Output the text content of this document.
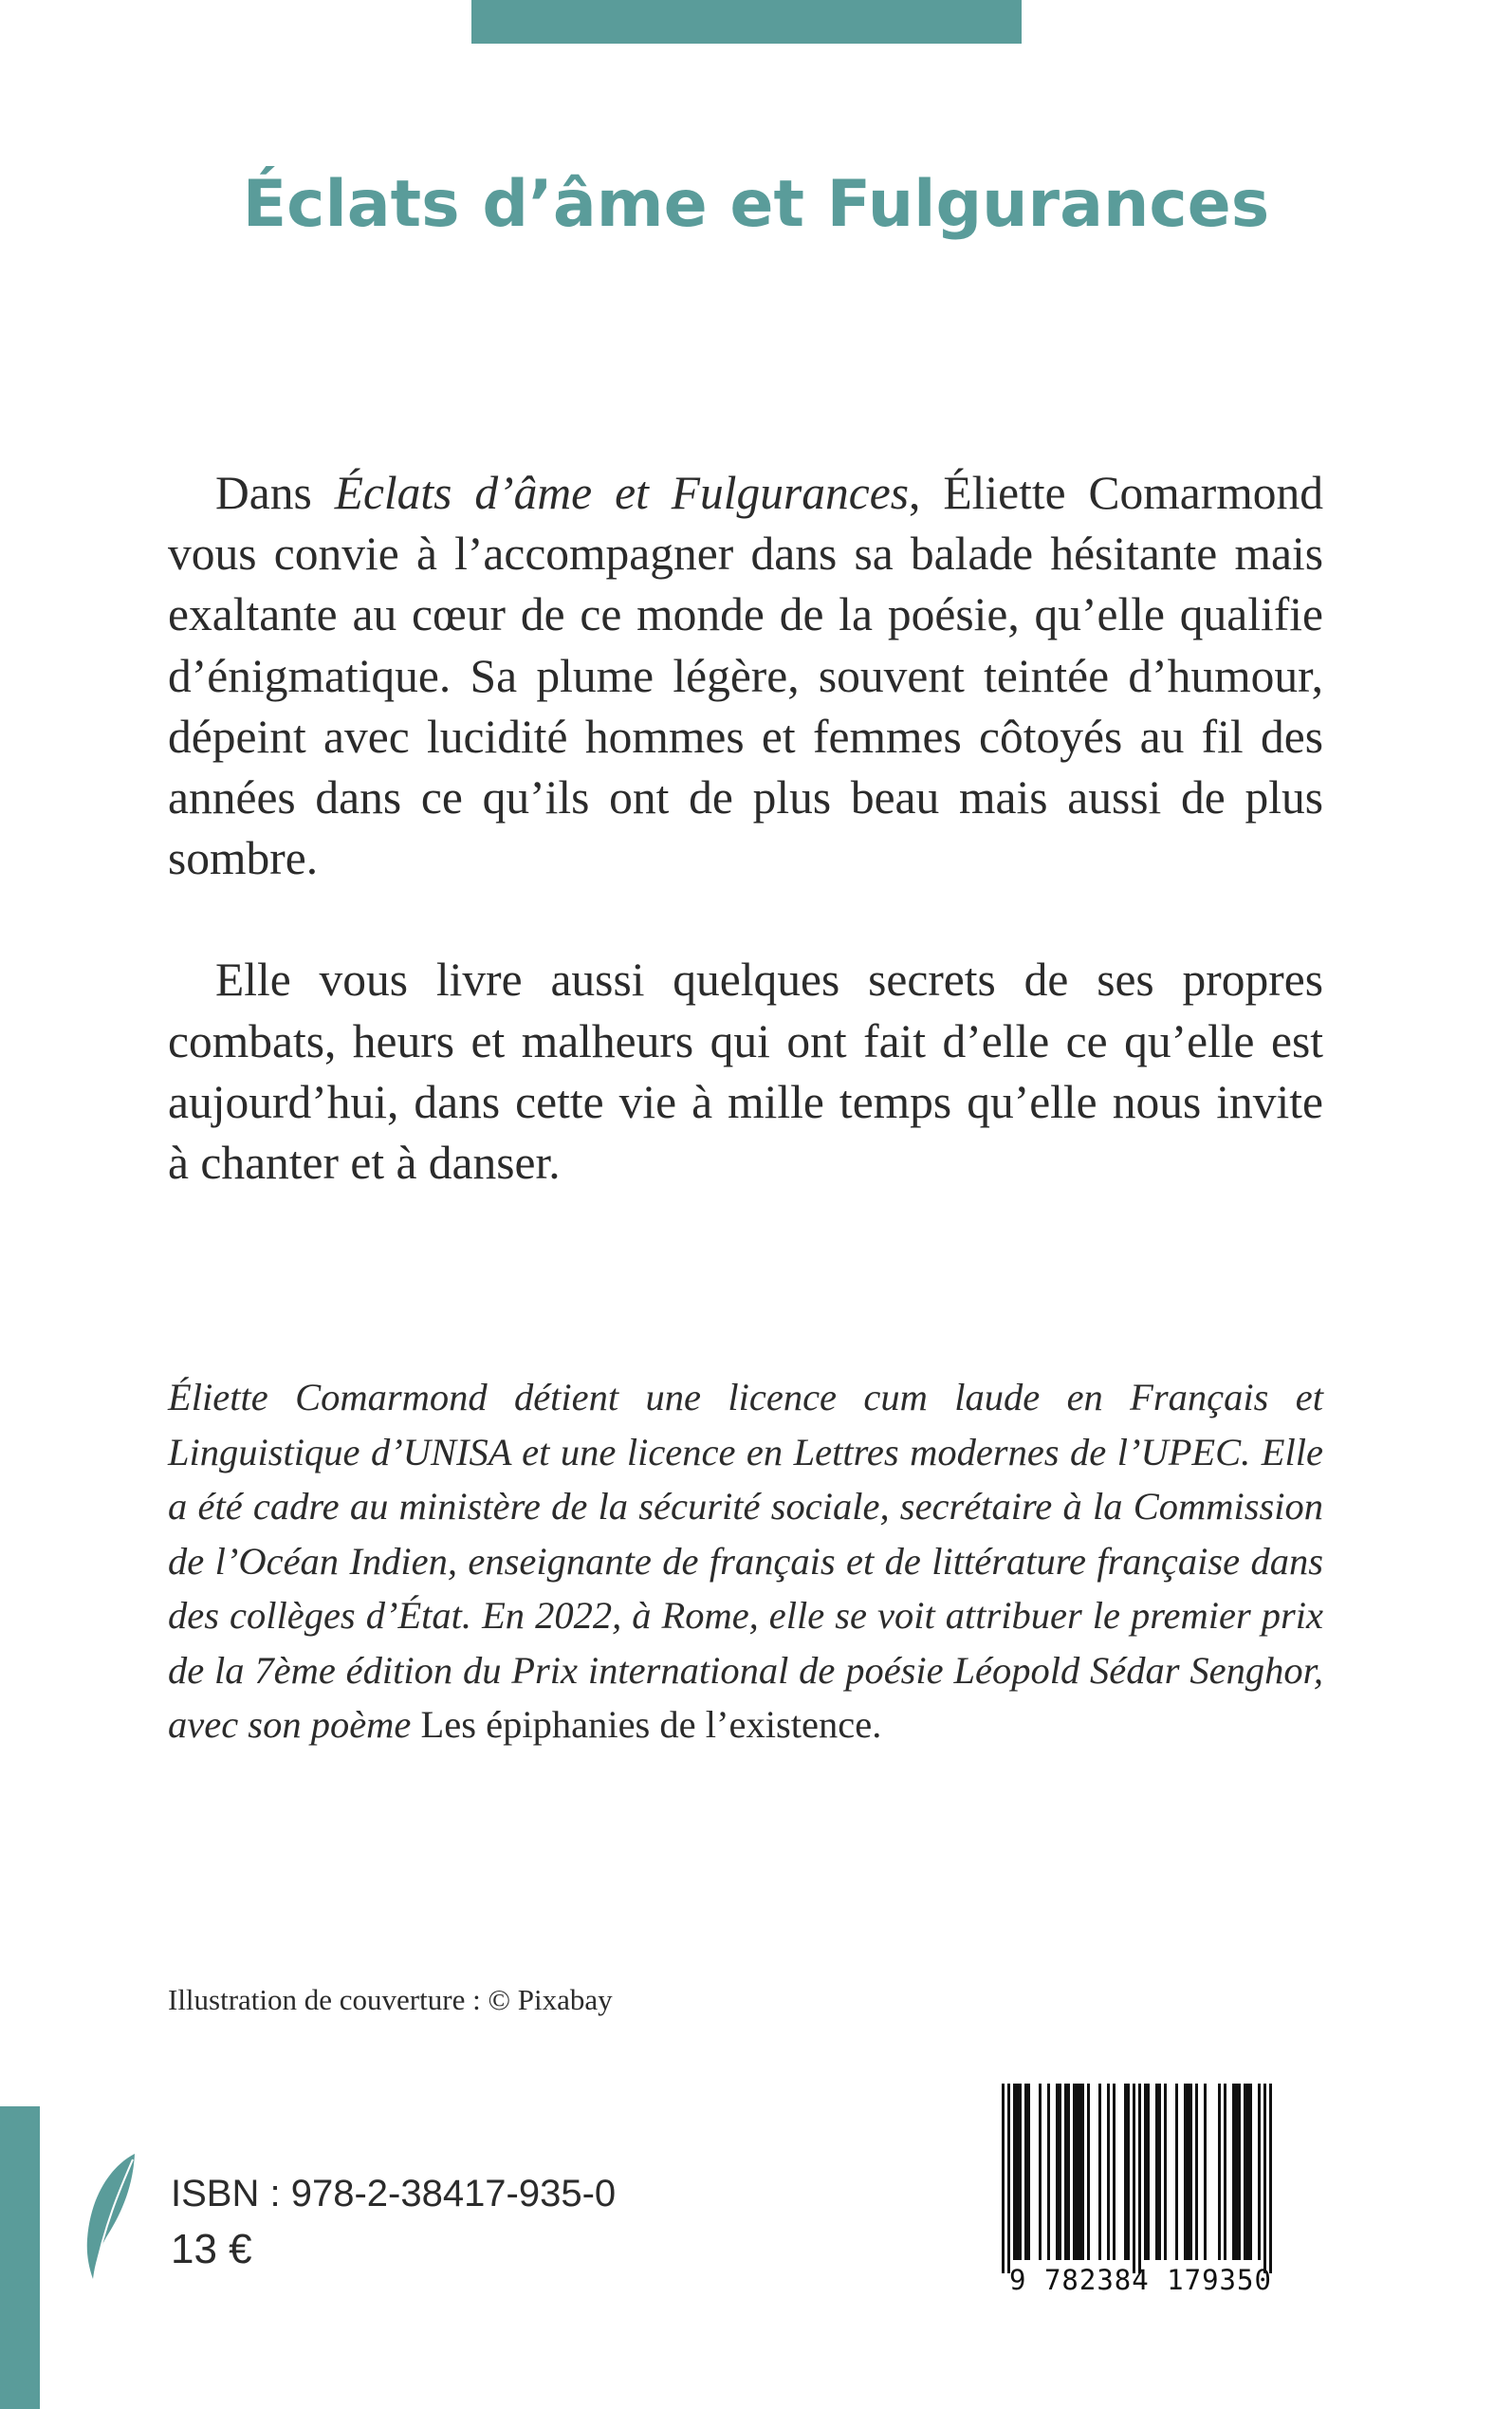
Éclats d’âme et Fulgurances

Dans Éclats d’âme et Fulgurances, Éliette Comarmond vous convie à l’accompagner dans sa balade hésitante mais exaltante au cœur de ce monde de la poésie, qu’elle qualifie d’énigmatique. Sa plume légère, souvent teintée d’humour, dépeint avec lucidité hommes et femmes côtoyés au fil des années dans ce qu’ils ont de plus beau mais aussi de plus sombre.

Elle vous livre aussi quelques secrets de ses propres combats, heurs et malheurs qui ont fait d’elle ce qu’elle est aujourd’hui, dans cette vie à mille temps qu’elle nous invite à chanter et à danser.

Éliette Comarmond détient une licence cum laude en Français et Linguistique d’UNISA et une licence en Lettres modernes de l’UPEC. Elle a été cadre au ministère de la sécurité sociale, secrétaire à la Commission de l’Océan Indien, enseignante de français et de littérature française dans des collèges d’État. En 2022, à Rome, elle se voit attribuer le premier prix de la 7ème édition du Prix international de poésie Léopold Sédar Senghor, avec son poème Les épiphanies de l’existence.

Illustration de couverture : © Pixabay

ISBN : 978-2-38417-935-0

13 €

9 782384 179350
